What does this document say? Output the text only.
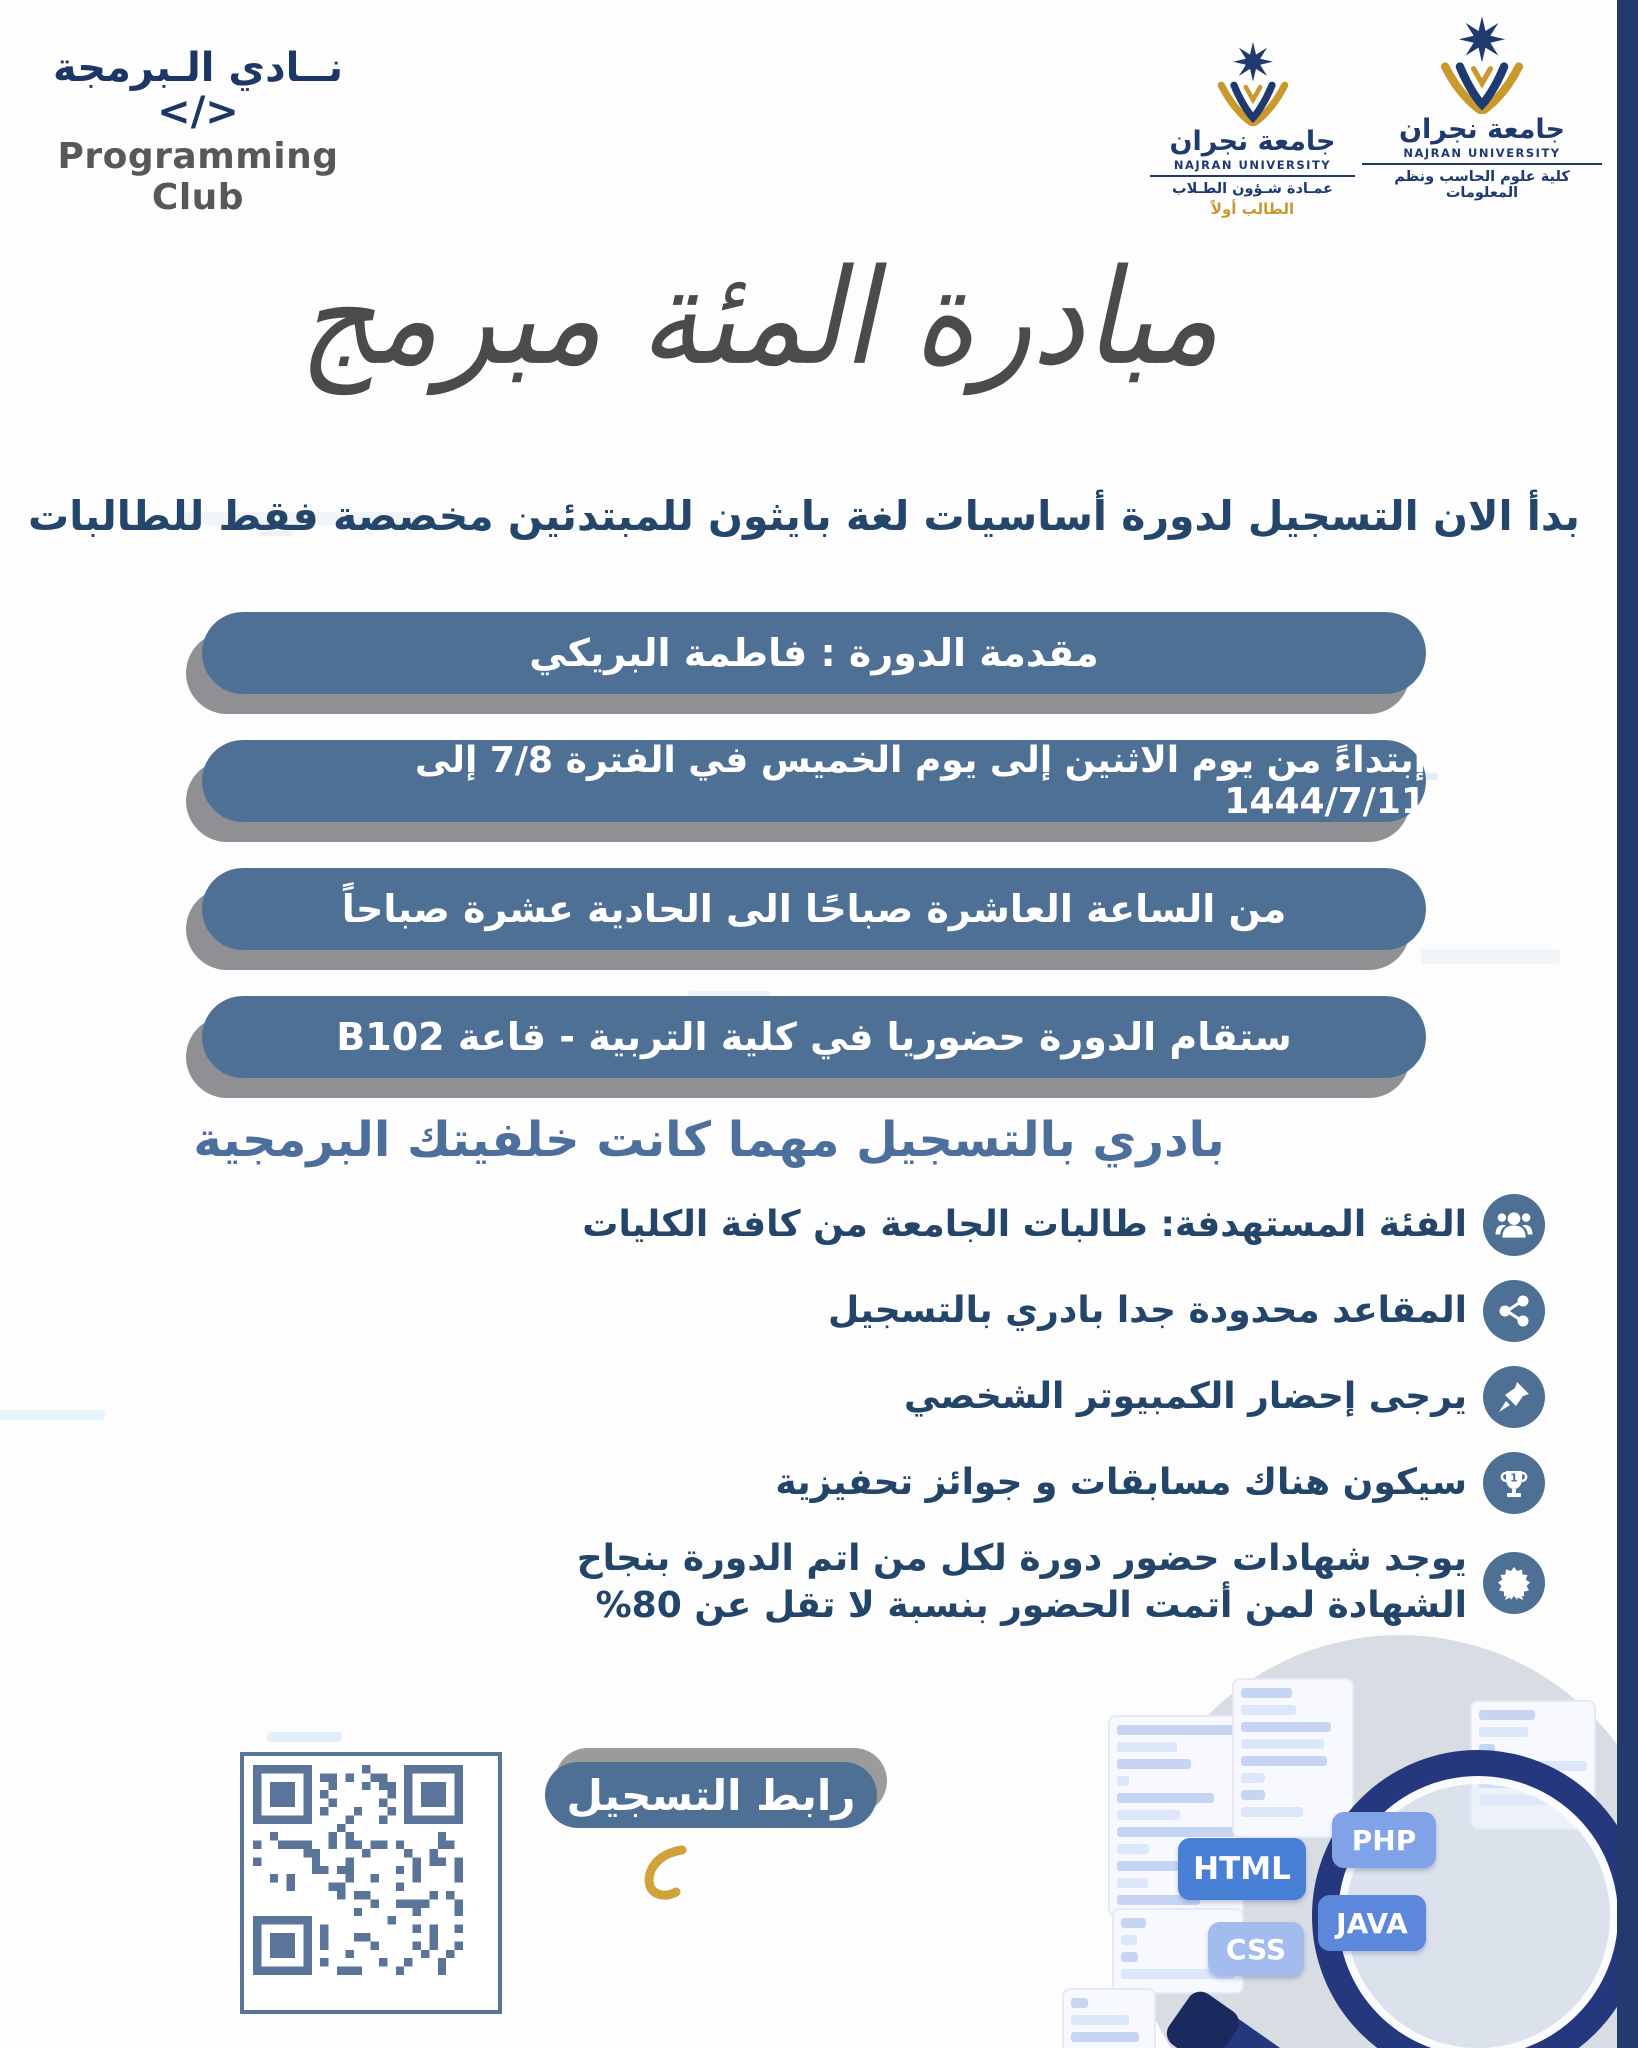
نــادي الـبرمجة </>
Programming Club
جامعة نجران
NAJRAN UNIVERSITY
عمـادة شـؤون الطـلاب
الطالب أولاً
جامعة نجران
NAJRAN UNIVERSITY
كلية علوم الحاسب ونظم المعلومات
مبادرة المئة مبرمج
بدأ الان التسجيل لدورة أساسيات لغة بايثون للمبتدئين مخصصة فقط للطالبات
مقدمة الدورة : فاطمة البريكي
إبتداءً من يوم الاثنين إلى يوم الخميس في الفترة 7/8 إلى 1444/7/11
من الساعة العاشرة صباحًا الى الحادية عشرة صباحاً
ستقام الدورة حضوريا في كلية التربية - قاعة B102
بادري بالتسجيل مهما كانت خلفيتك البرمجية
الفئة المستهدفة: طالبات الجامعة من كافة الكليات
المقاعد محدودة جدا بادري بالتسجيل
يرجى إحضار الكمبيوتر الشخصي
1
سيكون هناك مسابقات و جوائز تحفيزية
يوجد شهادات حضور دورة لكل من اتم الدورة بنجاح الشهادة لمن أتمت الحضور بنسبة لا تقل عن 80%
رابط التسجيل
HTML
PHP
CSS
JAVA
